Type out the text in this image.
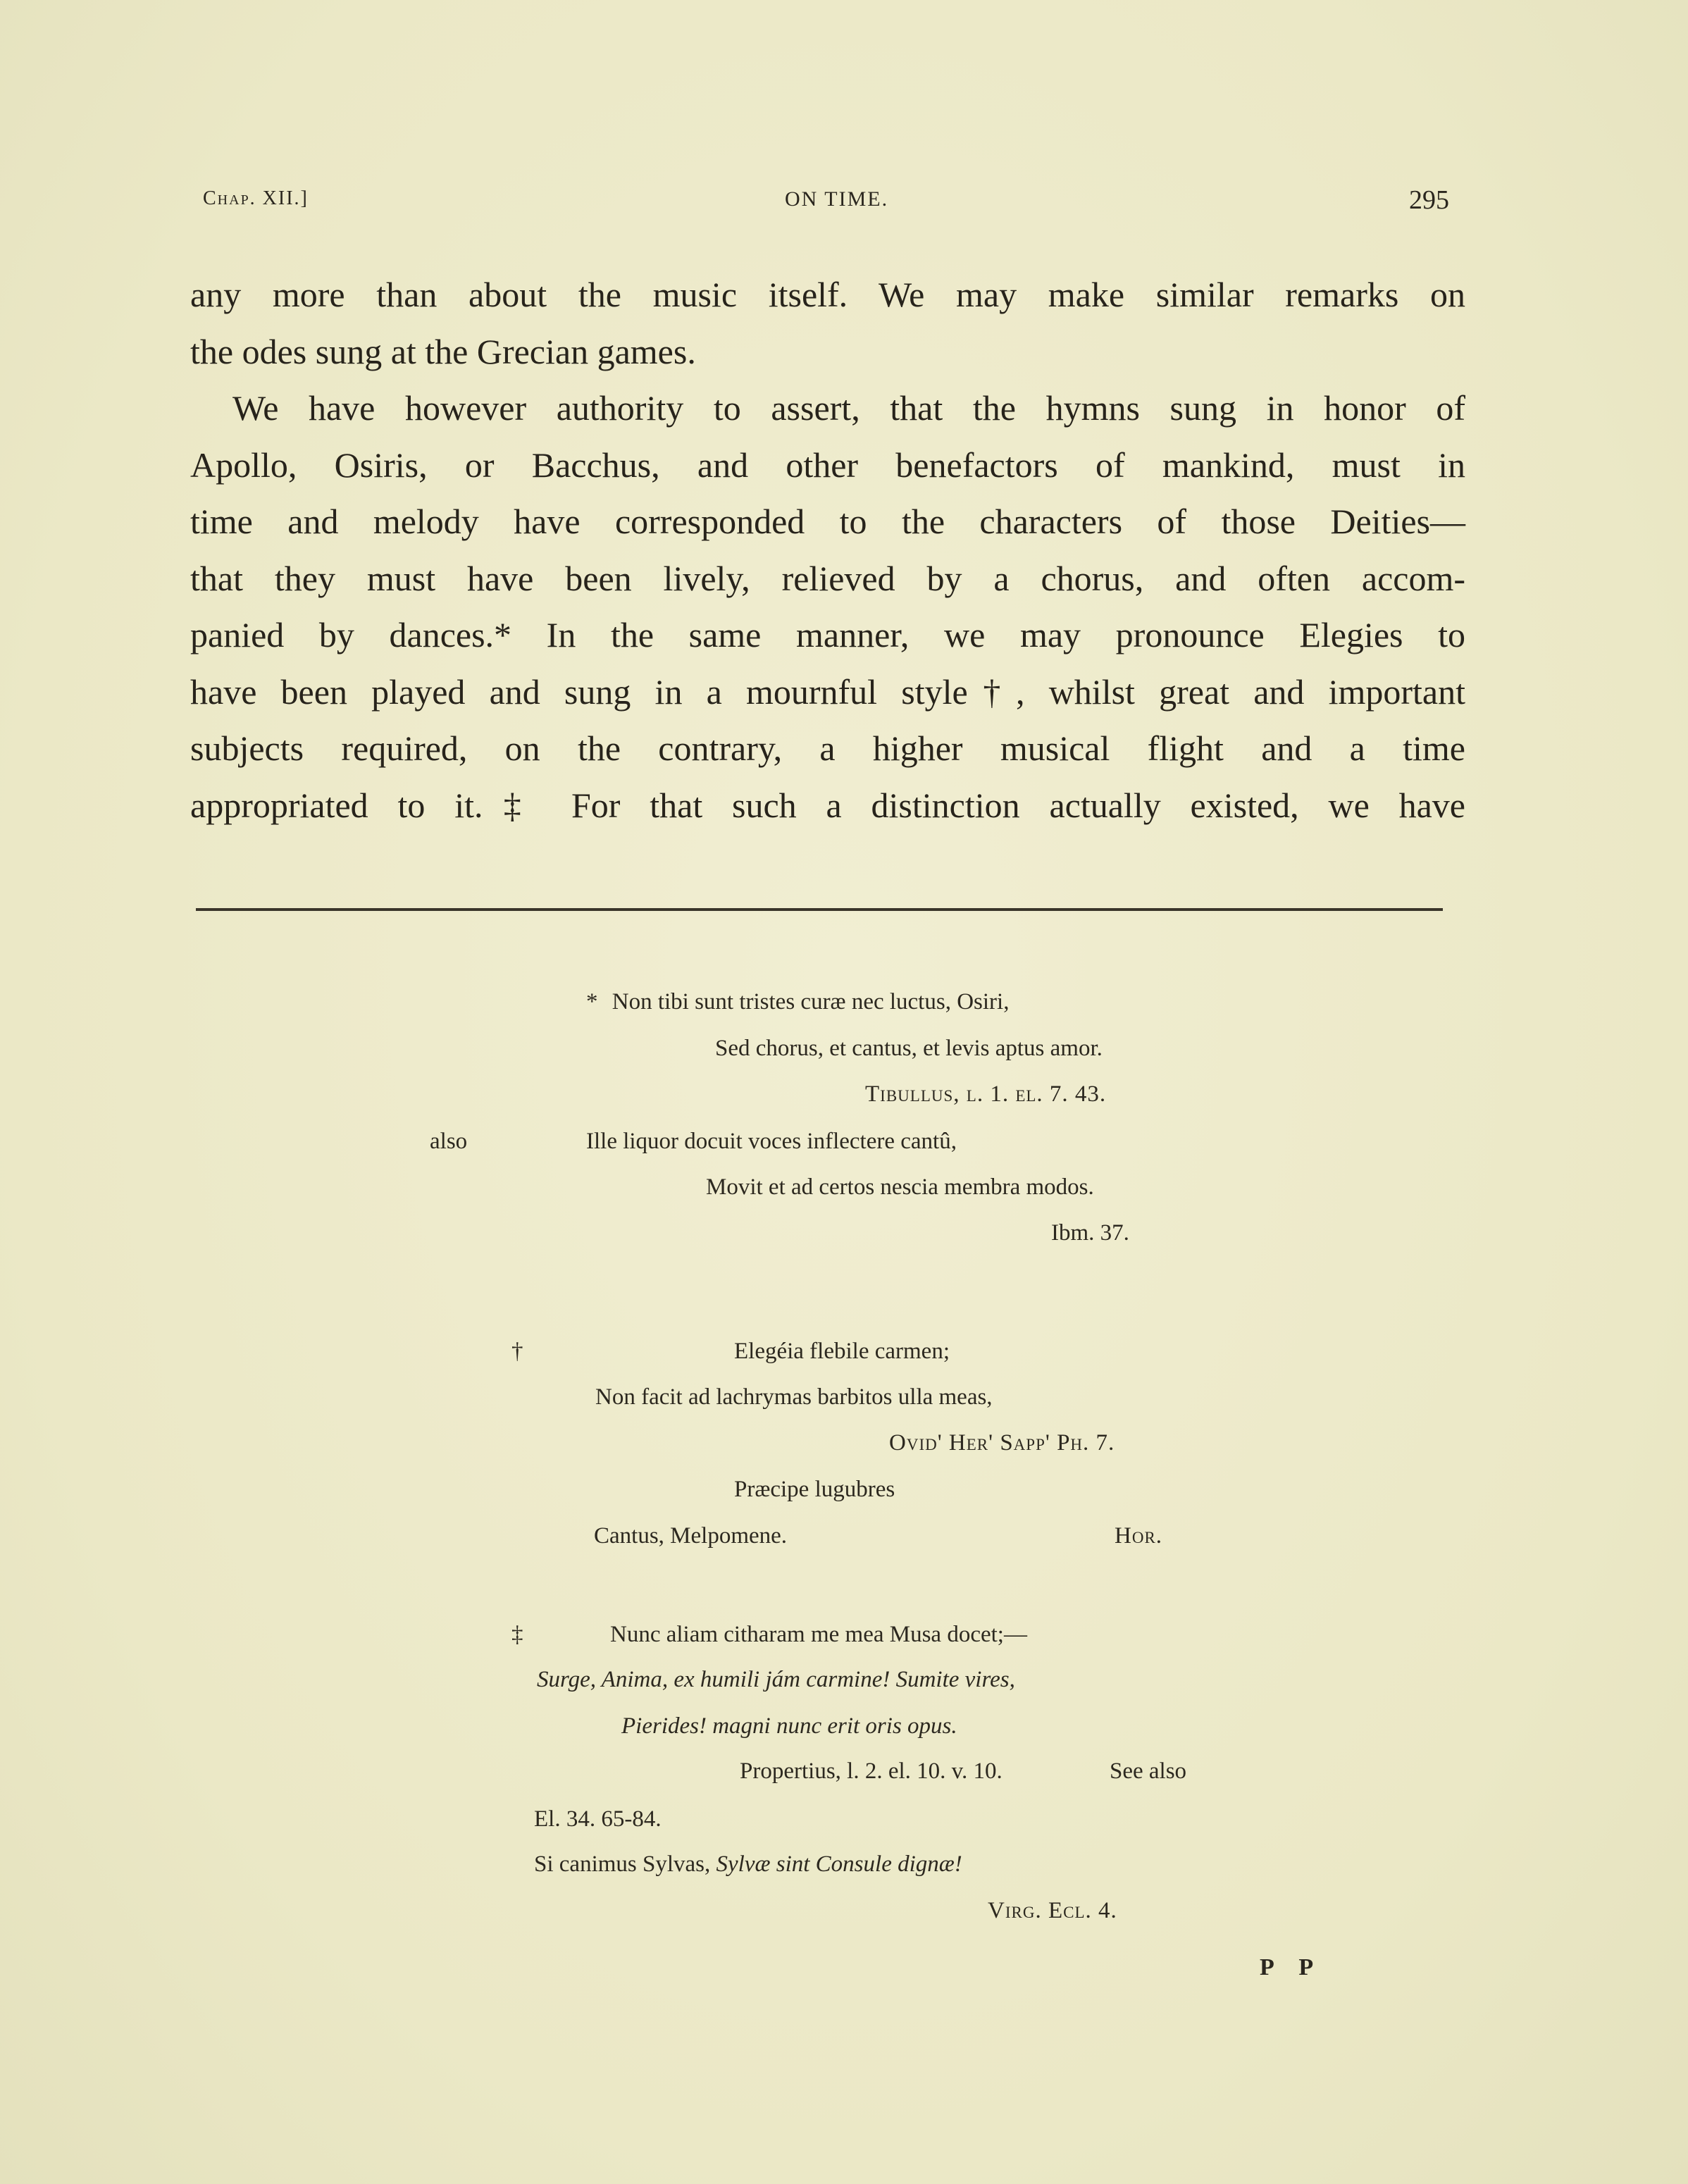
Chap. XII.]	ON TIME.	295

any more than about the music itself. We may make similar remarks on
the odes sung at the Grecian games.

We have however authority to assert, that the hymns sung in honor of
Apollo, Osiris, or Bacchus, and other benefactors of mankind, must in
time and melody have corresponded to the characters of those Deities—
that they must have been lively, relieved by a chorus, and often accom-
panied by dances.* In the same manner, we may pronounce Elegies to
have been played and sung in a mournful style†, whilst great and important
subjects required, on the contrary, a higher musical flight and a time
appropriated to it.‡ For that such a distinction actually existed, we have

* Non tibi sunt tristes curæ nec luctus, Osiri,
Sed chorus, et cantus, et levis aptus amor.
Tibullus, l. 1. el. 7. 43.
also	Ille liquor docuit voces inflectere cantû,
Movit et ad certos nescia membra modos.
Ibm. 37.
†	Elegéia flebile carmen;
Non facit ad lachrymas barbitos ulla meas,
Ovid' Her' Sapp' Ph. 7.
Præcipe lugubres
Cantus, Melpomene.	Hor.
‡	Nunc aliam citharam me mea Musa docet;—
Surge, Anima, ex humili jám carmine! Sumite vires,
Pierides! magni nunc erit oris opus.
Propertius, l. 2. el. 10. v. 10.	See also
El. 34. 65-84.
Si canimus Sylvas, Sylvæ sint Consule dignæ!
Virg. Ecl. 4.
P P
